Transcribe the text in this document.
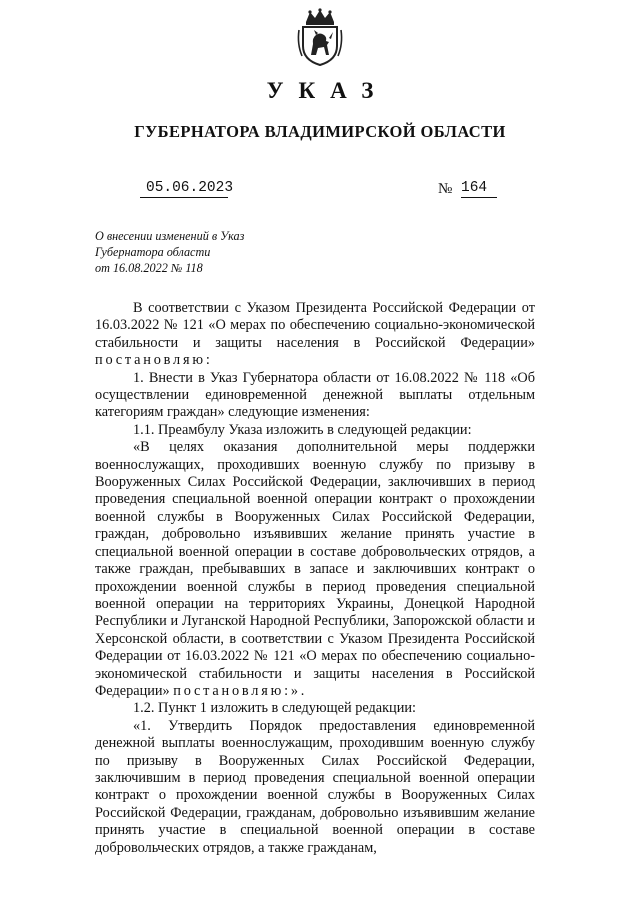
УКАЗ
ГУБЕРНАТОРА ВЛАДИМИРСКОЙ ОБЛАСТИ
05.06.2023	№ 164
О внесении изменений в Указ
Губернатора области
от 16.08.2022 № 118

В соответствии с Указом Президента Российской Федерации от 16.03.2022 № 121 «О мерах по обеспечению социально-экономической стабильности и защиты населения в Российской Федерации» постановляю:

1. Внести в Указ Губернатора области от 16.08.2022 № 118 «Об осуществлении единовременной денежной выплаты отдельным категориям граждан» следующие изменения:

1.1. Преамбулу Указа изложить в следующей редакции:

«В целях оказания дополнительной меры поддержки военнослужащих, проходивших военную службу по призыву в Вооруженных Силах Российской Федерации, заключивших в период проведения специальной военной операции контракт о прохождении военной службы в Вооруженных Силах Российской Федерации, граждан, добровольно изъявивших желание принять участие в специальной военной операции в составе добровольческих отрядов, а также граждан, пребывавших в запасе и заключивших контракт о прохождении военной службы в период проведения специальной военной операции на территориях Украины, Донецкой Народной Республики и Луганской Народной Республики, Запорожской области и Херсонской области, в соответствии с Указом Президента Российской Федерации от 16.03.2022 № 121 «О мерах по обеспечению социально-экономической стабильности и защиты населения в Российской Федерации» постановляю:».

1.2. Пункт 1 изложить в следующей редакции:

«1. Утвердить Порядок предоставления единовременной денежной выплаты военнослужащим, проходившим военную службу по призыву в Вооруженных Силах Российской Федерации, заключившим в период проведения специальной военной операции контракт о прохождении военной службы в Вооруженных Силах Российской Федерации, гражданам, добровольно изъявившим желание принять участие в специальной военной операции в составе добровольческих отрядов, а также гражданам,
